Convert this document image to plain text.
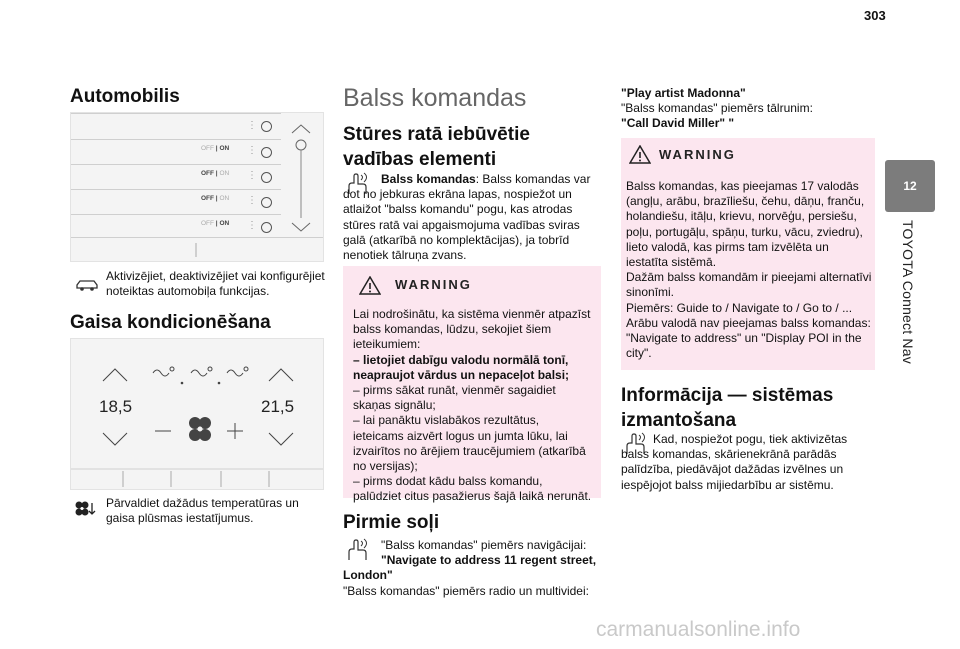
303
12
TOYOTA Connect Nav
Automobilis
⋮
OFF | ON ⋮
OFF | ON ⋮
OFF | ON ⋮
OFF | ON ⋮
Aktivizējiet, deaktivizējiet vai konfigurējiet noteiktas automobiļa funkcijas.
Gaisa kondicionēšana
18,5	21,5
Pārvaldiet dažādus temperatūras un gaisa plūsmas iestatījumus.
Balss komandas
Stūres ratā iebūvētie
vadības elementi
Balss komandas: Balss komandas var dot no jebkuras ekrāna lapas, nospiežot un atlaižot "balss komandu" pogu, kas atrodas stūres ratā vai apgaismojuma vadības sviras galā (atkarībā no komplektācijas), ja tobrīd nenotiek tālruņa zvans.
WARNING
Lai nodrošinātu, ka sistēma vienmēr atpazīst balss komandas, lūdzu, sekojiet šiem ieteikumiem:
– lietojiet dabīgu valodu normālā tonī, neapraujot vārdus un nepaceļot balsi;
– pirms sākat runāt, vienmēr sagaidiet skaņas signālu;
– lai panāktu vislabākos rezultātus, ieteicams aizvērt logus un jumta lūku, lai izvairītos no ārējiem traucējumiem (atkarībā no versijas);
– pirms dodat kādu balss komandu, palūdziet citus pasažierus šajā laikā nerunāt.
Pirmie soļi
"Balss komandas" piemērs navigācijai:
"Navigate to address 11 regent street, London"
"Balss komandas" piemērs radio un multividei:
"Play artist Madonna"
"Balss komandas" piemērs tālrunim:
"Call David Miller" "
WARNING
Balss komandas, kas pieejamas 17 valodās (angļu, arābu, brazīliešu, čehu, dāņu, franču, holandiešu, itāļu, krievu, norvēģu, persiešu, poļu, portugāļu, spāņu, turku, vācu, zviedru), lieto valodā, kas pirms tam izvēlēta un iestatīta sistēmā.
Dažām balss komandām ir pieejami alternatīvi sinonīmi.
Piemērs: Guide to / Navigate to / Go to / ...
Arābu valodā nav pieejamas balss komandas: "Navigate to address" un "Display POI in the city".
Informācija — sistēmas
izmantošana
Kad, nospiežot pogu, tiek aktivizētas balss komandas, skārienekrānā parādās palīdzība, piedāvājot dažādas izvēlnes un iespējojot balss mijiedarbību ar sistēmu.
carmanualsonline.info
